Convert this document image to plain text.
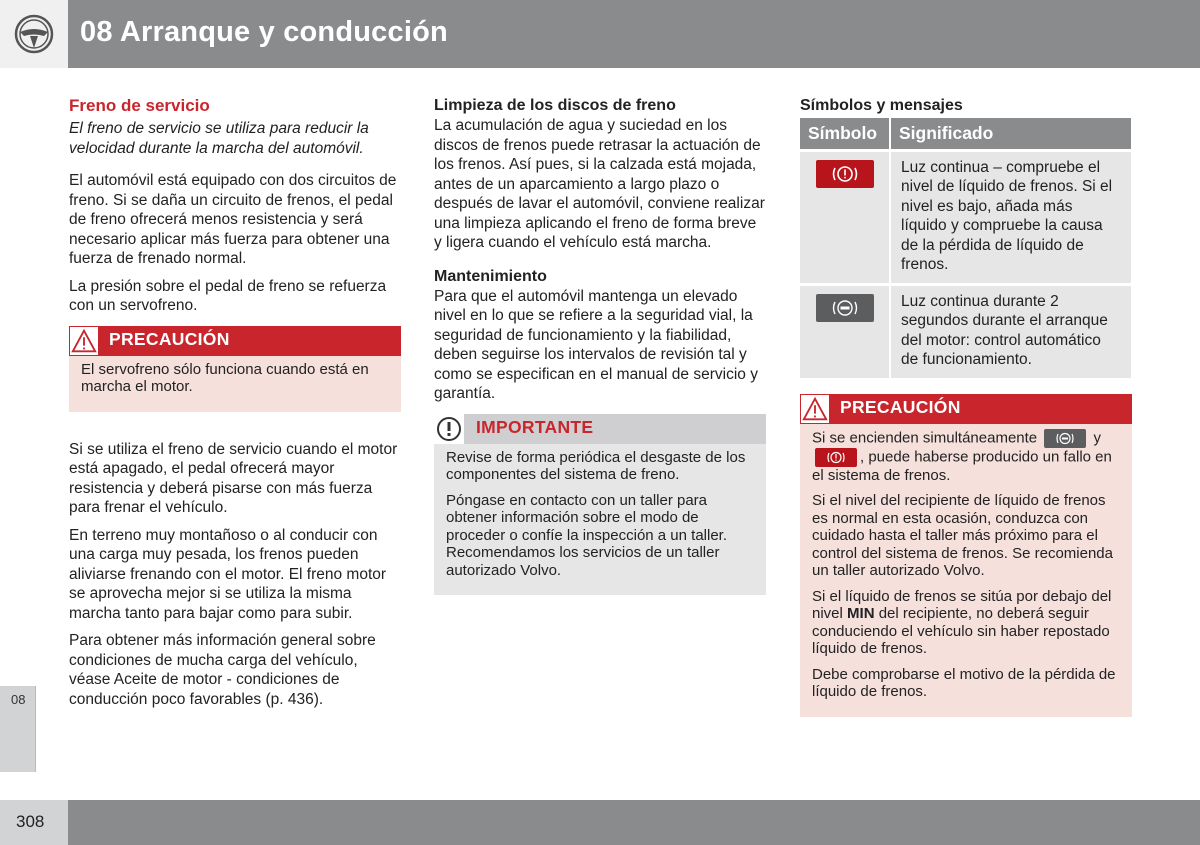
08 Arranque y conducción
08
308
Freno de servicio
El freno de servicio se utiliza para reducir la velocidad durante la marcha del automóvil.

El automóvil está equipado con dos circuitos de freno. Si se daña un circuito de frenos, el pedal de freno ofrecerá menos resistencia y será necesario aplicar más fuerza para obtener una fuerza de frenado normal.

La presión sobre el pedal de freno se refuerza con un servofreno.

PRECAUCIÓN

El servofreno sólo funciona cuando está en marcha el motor.

Si se utiliza el freno de servicio cuando el motor está apagado, el pedal ofrecerá mayor resistencia y deberá pisarse con más fuerza para frenar el vehículo.

En terreno muy montañoso o al conducir con una carga muy pesada, los frenos pueden aliviarse frenando con el motor. El freno motor se aprovecha mejor si se utiliza la misma marcha tanto para bajar como para subir.

Para obtener más información general sobre condiciones de mucha carga del vehículo, véase Aceite de motor - condiciones de conducción poco favorables (p. 436).

Limpieza de los discos de freno

La acumulación de agua y suciedad en los discos de frenos puede retrasar la actuación de los frenos. Así pues, si la calzada está mojada, antes de un aparcamiento a largo plazo o después de lavar el automóvil, conviene realizar una limpieza aplicando el freno de forma breve y ligera cuando el vehículo está marcha.

Mantenimiento

Para que el automóvil mantenga un elevado nivel en lo que se refiere a la seguridad vial, la seguridad de funcionamiento y la fiabilidad, deben seguirse los intervalos de revisión tal y como se especifican en el manual de servicio y garantía.

IMPORTANTE

Revise de forma periódica el desgaste de los componentes del sistema de freno.

Póngase en contacto con un taller para obtener información sobre el modo de proceder o confíe la inspección a un taller. Recomendamos los servicios de un taller autorizado Volvo.

Símbolos y mensajes
Símbolo	Significado

	Luz continua – compruebe el nivel de líquido de frenos. Si el nivel es bajo, añada más líquido y compruebe la causa de la pérdida de líquido de frenos.

	Luz continua durante 2 segundos durante el arranque del motor: control automático de funcionamiento.
PRECAUCIÓN

Si se encienden simultáneamente	y , puede haberse producido un fallo en el sistema de frenos.

Si el nivel del recipiente de líquido de frenos es normal en esta ocasión, conduzca con cuidado hasta el taller más próximo para el control del sistema de frenos. Se recomienda un taller autorizado Volvo.

Si el líquido de frenos se sitúa por debajo del nivel MIN del recipiente, no deberá seguir conduciendo el vehículo sin haber repostado líquido de frenos.

Debe comprobarse el motivo de la pérdida de líquido de frenos.
